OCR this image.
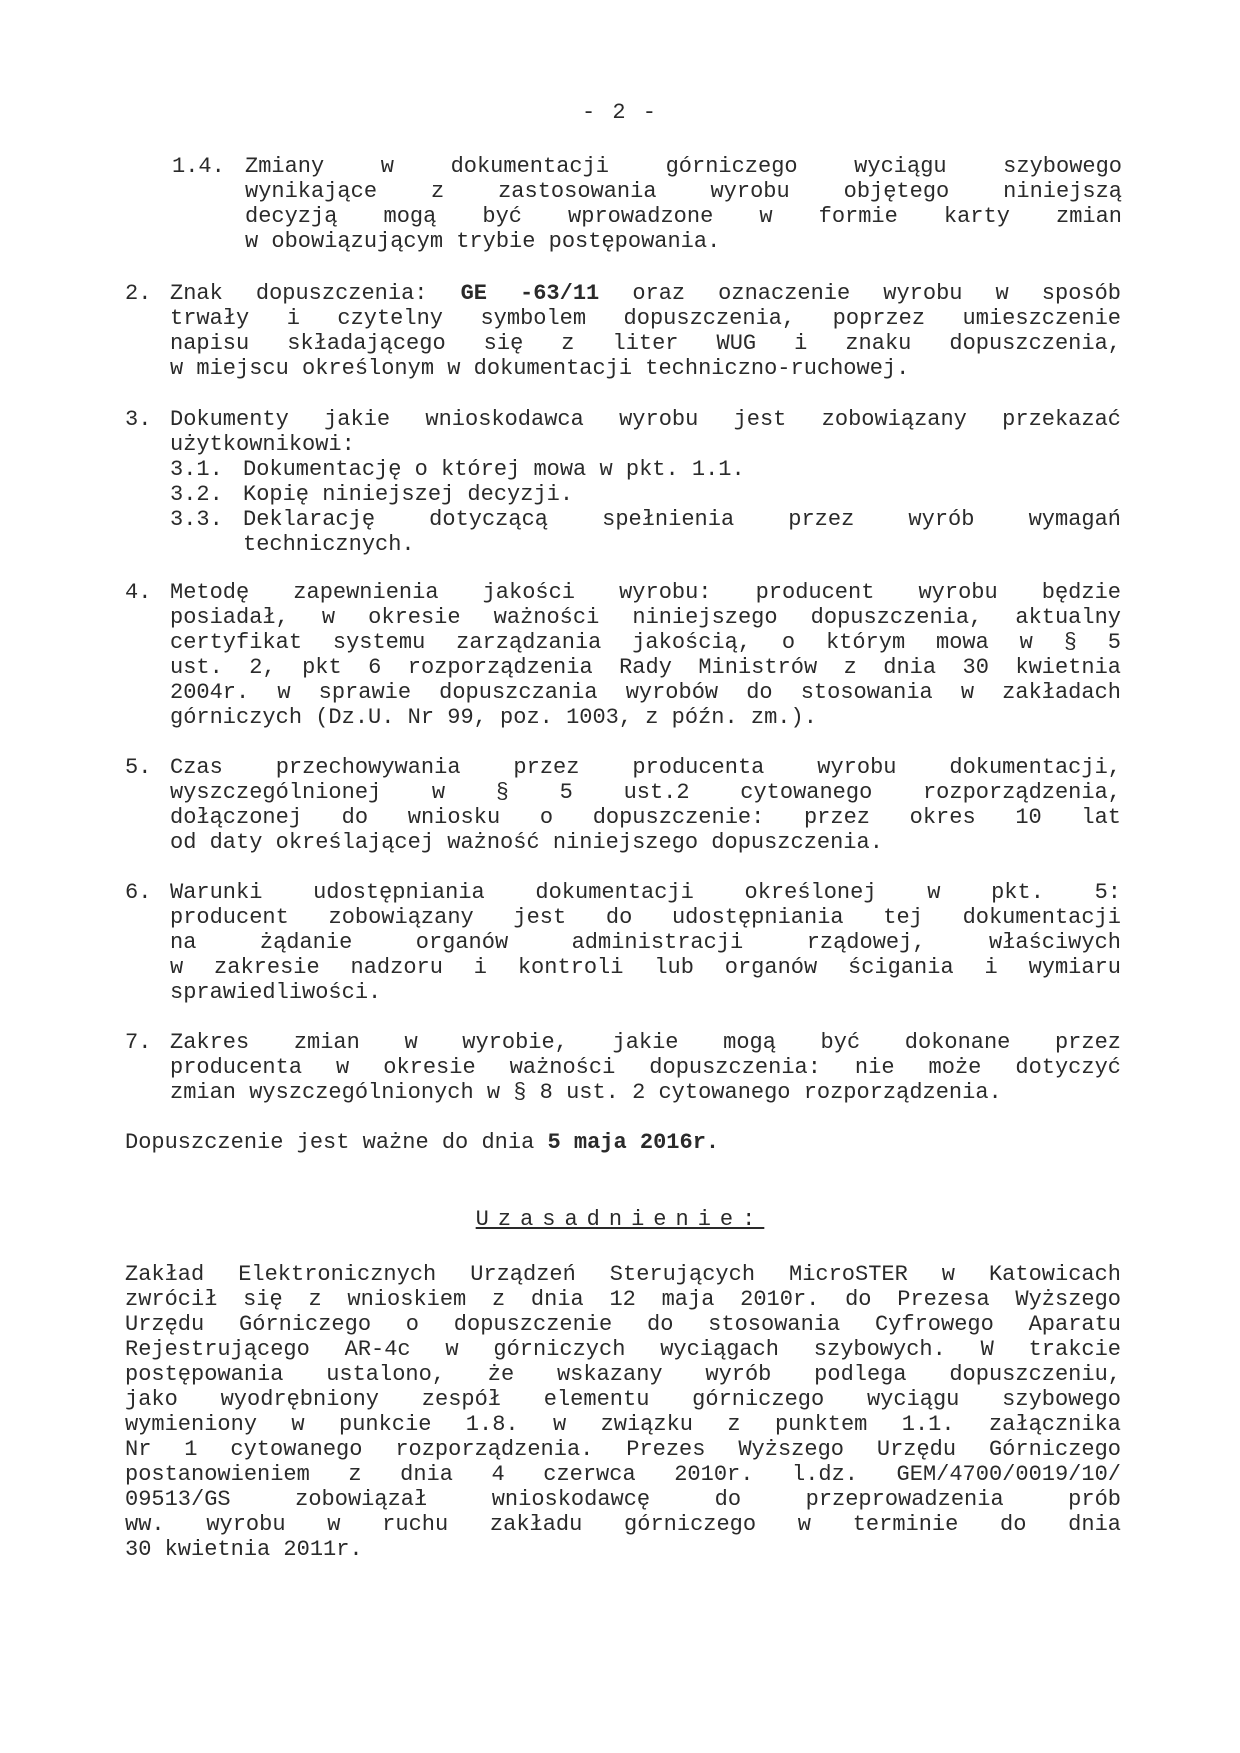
- 2 -
1.4. Zmiany w dokumentacji górniczego wyciągu szybowego
wynikające z zastosowania wyrobu objętego niniejszą
decyzją mogą być wprowadzone w formie karty zmian
w obowiązującym trybie postępowania.
2. Znak dopuszczenia: GE -63/11 oraz oznaczenie wyrobu w sposób
trwały i czytelny symbolem dopuszczenia, poprzez umieszczenie
napisu składającego się z liter WUG i znaku dopuszczenia,
w miejscu określonym w dokumentacji techniczno-ruchowej.
3. Dokumenty jakie wnioskodawca wyrobu jest zobowiązany przekazać
użytkownikowi:
3.1. Dokumentację o której mowa w pkt. 1.1.
3.2. Kopię niniejszej decyzji.
3.3. Deklarację dotyczącą spełnienia przez wyrób wymagań
technicznych.
4. Metodę zapewnienia jakości wyrobu: producent wyrobu będzie
posiadał, w okresie ważności niniejszego dopuszczenia, aktualny
certyfikat systemu zarządzania jakością, o którym mowa w § 5
ust. 2, pkt 6 rozporządzenia Rady Ministrów z dnia 30 kwietnia
2004r. w sprawie dopuszczania wyrobów do stosowania w zakładach
górniczych (Dz.U. Nr 99, poz. 1003, z późn. zm.).
5. Czas przechowywania przez producenta wyrobu dokumentacji,
wyszczególnionej w § 5 ust.2 cytowanego rozporządzenia,
dołączonej do wniosku o dopuszczenie: przez okres 10 lat
od daty określającej ważność niniejszego dopuszczenia.
6. Warunki udostępniania dokumentacji określonej w pkt. 5:
producent zobowiązany jest do udostępniania tej dokumentacji
na żądanie organów administracji rządowej, właściwych
w zakresie nadzoru i kontroli lub organów ścigania i wymiaru
sprawiedliwości.
7. Zakres zmian w wyrobie, jakie mogą być dokonane przez
producenta w okresie ważności dopuszczenia: nie może dotyczyć
zmian wyszczególnionych w § 8 ust. 2 cytowanego rozporządzenia.
Dopuszczenie jest ważne do dnia 5 maja 2016r.
Uzasadnienie:
Zakład Elektronicznych Urządzeń Sterujących MicroSTER w Katowicach
zwrócił się z wnioskiem z dnia 12 maja 2010r. do Prezesa Wyższego
Urzędu Górniczego o dopuszczenie do stosowania Cyfrowego Aparatu
Rejestrującego AR-4c w górniczych wyciągach szybowych. W trakcie
postępowania ustalono, że wskazany wyrób podlega dopuszczeniu,
jako wyodrębniony zespół elementu górniczego wyciągu szybowego
wymieniony w punkcie 1.8. w związku z punktem 1.1. załącznika
Nr 1 cytowanego rozporządzenia. Prezes Wyższego Urzędu Górniczego
postanowieniem z dnia 4 czerwca 2010r. l.dz. GEM/4700/0019/10/
09513/GS zobowiązał wnioskodawcę do przeprowadzenia prób
ww. wyrobu w ruchu zakładu górniczego w terminie do dnia
30 kwietnia 2011r.
